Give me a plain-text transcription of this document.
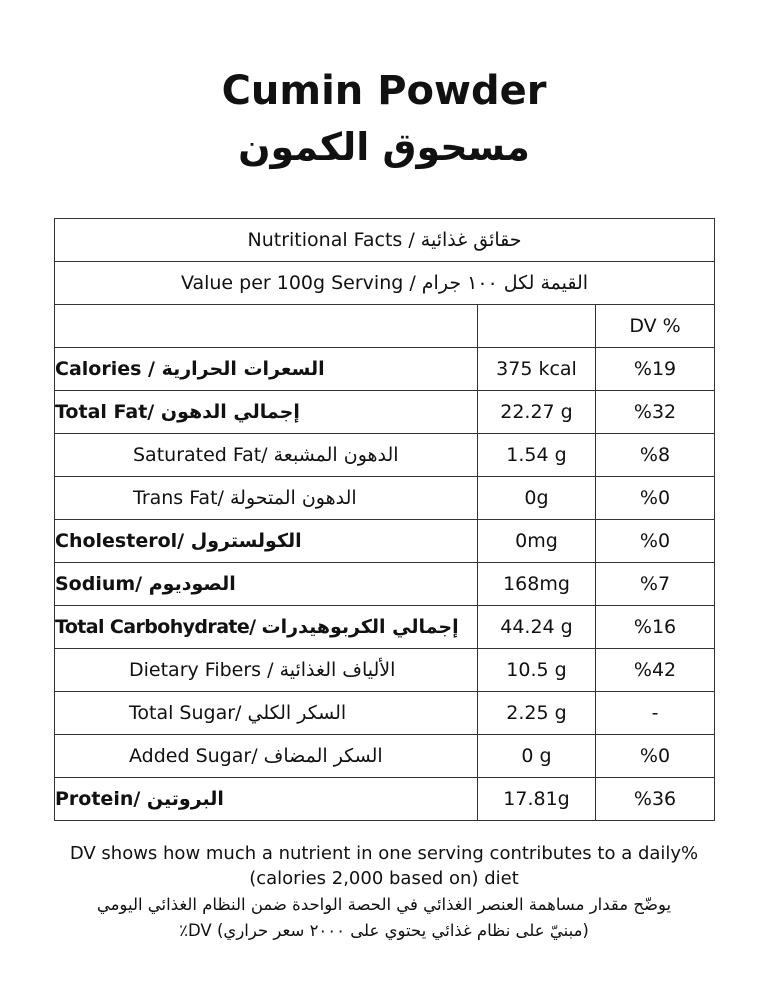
Cumin Powder
مسحوق الكمون
Nutritional Facts / حقائق غذائية		
Value per 100g Serving / القيمة لكل ١٠٠ جرام		
		DV %
Calories / السعرات الحرارية	375 kcal	%19
Total Fat/ إجمالي الدهون	22.27 g	%32
Saturated Fat/ الدهون المشبعة	1.54 g	%8
Trans Fat/ الدهون المتحولة	0g	%0
Cholesterol/ الكولسترول	0mg	%0
Sodium/ الصوديوم	168mg	%7
Total Carbohydrate/ إجمالي الكربوهيدرات	44.24 g	%16
Dietary Fibers / الألياف الغذائية	10.5 g	%42
Total Sugar/ السكر الكلي	2.25 g	-
Added Sugar/ السكر المضاف	0 g	%0
Protein/ البروتين	17.81g	%36
DV shows how much a nutrient in one serving contributes to a daily%
(calories 2,000 based on) diet
يوضّح مقدار مساهمة العنصر الغذائي في الحصة الواحدة ضمن النظام الغذائي اليومي
(مبنيّ على نظام غذائي يحتوي على ٢٠٠٠ سعر حراري) DV٪
